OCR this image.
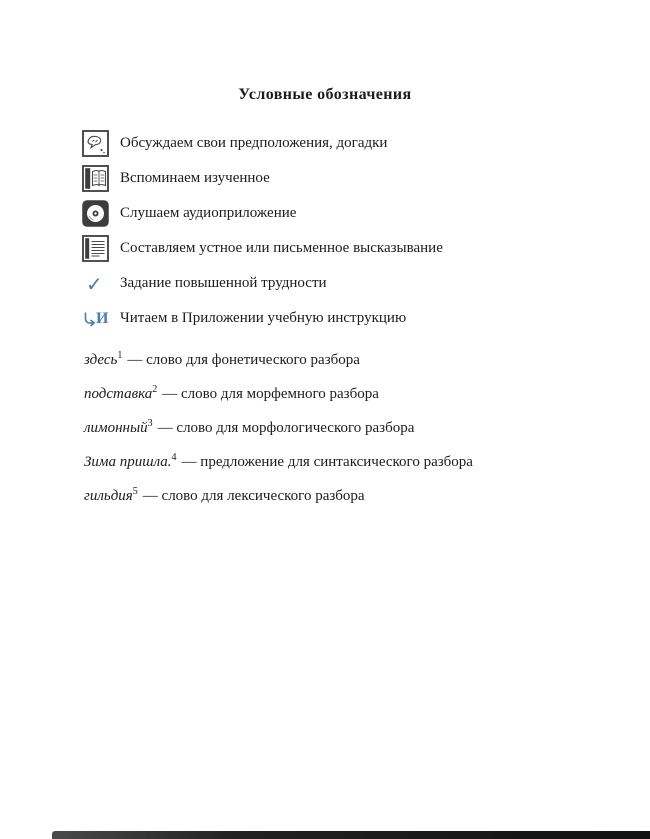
Условные обозначения
Обсуждаем свои предположения, догадки
Вспоминаем изученное
Слушаем аудиоприложение
Составляем устное или письменное высказывание
✓ Задание повышенной трудности
И Читаем в Приложении учебную инструкцию
здесь$^1$ — слово для фонетического разбора
подставка$^2$ — слово для морфемного разбора
лимонный$^3$ — слово для морфологического разбора
Зима пришла.$^4$ — предложение для синтаксического разбора
гильдия$^5$ — слово для лексического разбора
